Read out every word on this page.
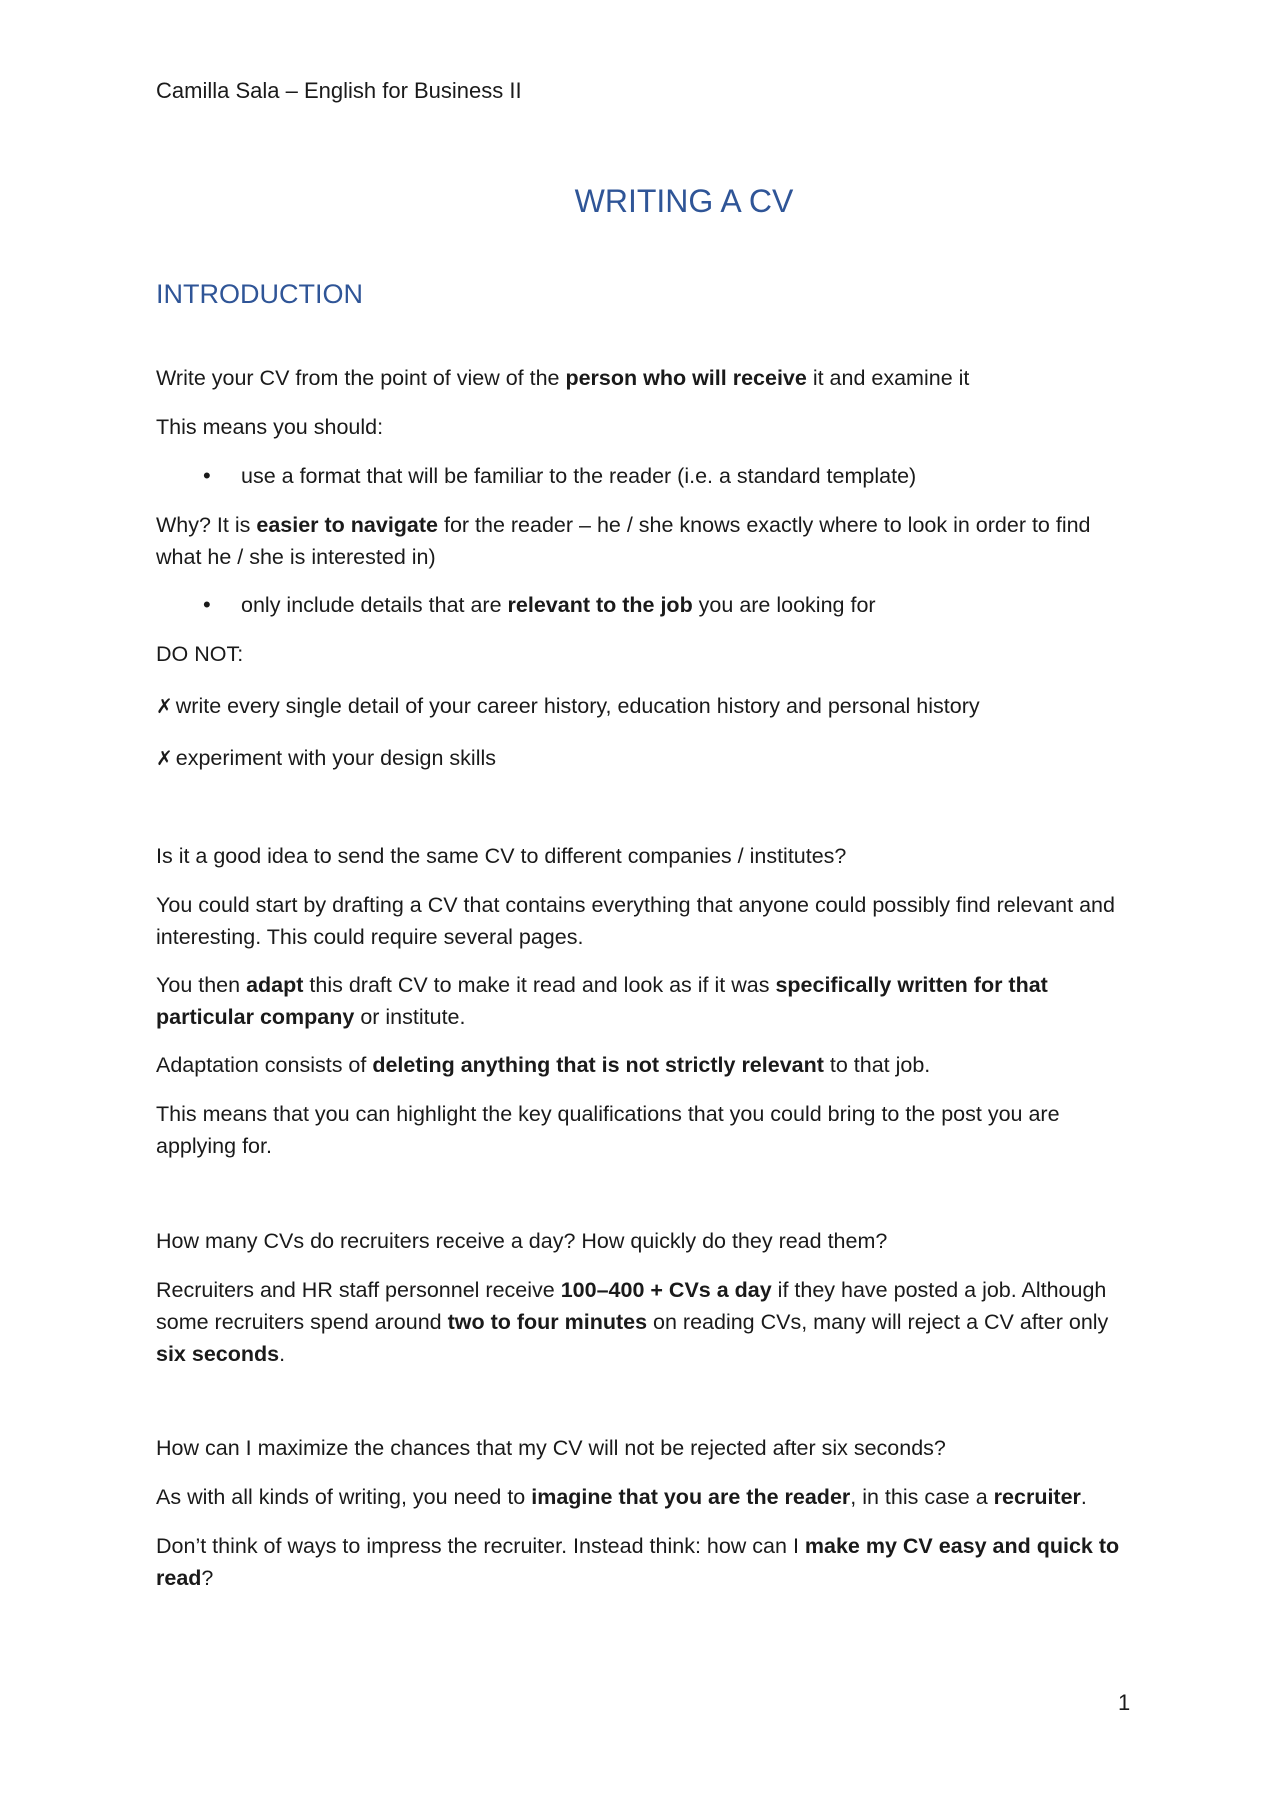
Camilla Sala – English for Business II
WRITING A CV
INTRODUCTION

Write your CV from the point of view of the person who will receive it and examine it

This means you should:

• use a format that will be familiar to the reader (i.e. a standard template)

Why? It is easier to navigate for the reader – he / she knows exactly where to look in order to find what he / she is interested in)

• only include details that are relevant to the job you are looking for

DO NOT:

✗ write every single detail of your career history, education history and personal history

✗ experiment with your design skills

Is it a good idea to send the same CV to different companies / institutes?

You could start by drafting a CV that contains everything that anyone could possibly find relevant and interesting. This could require several pages.

You then adapt this draft CV to make it read and look as if it was specifically written for that particular company or institute.

Adaptation consists of deleting anything that is not strictly relevant to that job.

This means that you can highlight the key qualifications that you could bring to the post you are applying for.

How many CVs do recruiters receive a day? How quickly do they read them?

Recruiters and HR staff personnel receive 100–400 + CVs a day if they have posted a job. Although some recruiters spend around two to four minutes on reading CVs, many will reject a CV after only six seconds.

How can I maximize the chances that my CV will not be rejected after six seconds?

As with all kinds of writing, you need to imagine that you are the reader, in this case a recruiter.

Don’t think of ways to impress the recruiter. Instead think: how can I make my CV easy and quick to read?

1
